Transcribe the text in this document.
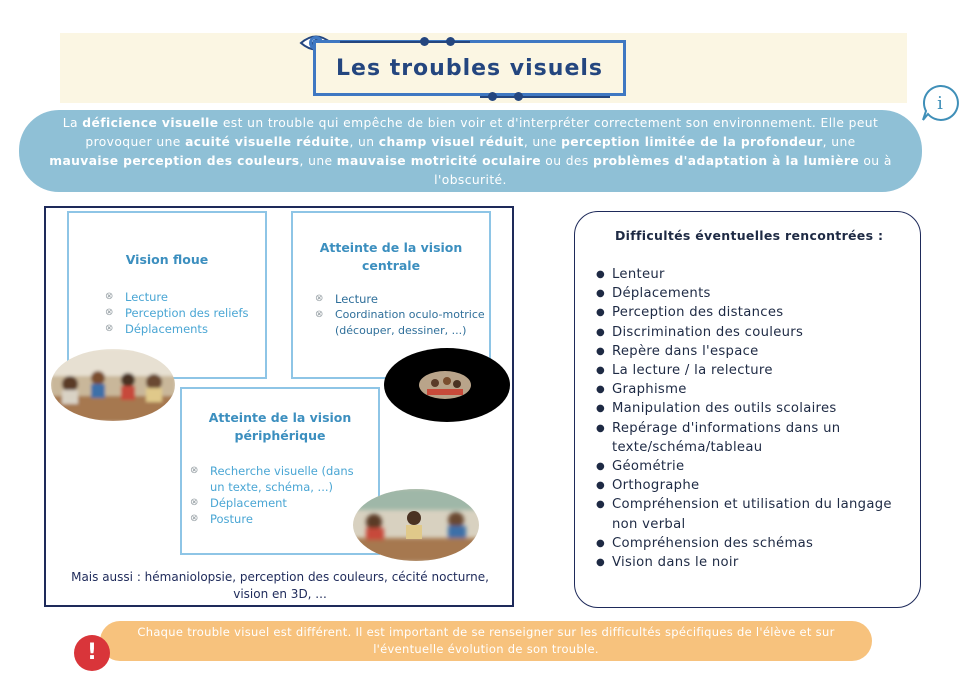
Les troubles visuels
i
La déficience visuelle est un trouble qui empêche de bien voir et d'interpréter correctement son environnement. Elle peut provoquer une acuité visuelle réduite, un champ visuel réduit, une perception limitée de la profondeur, une mauvaise perception des couleurs, une mauvaise motricité oculaire ou des problèmes d'adaptation à la lumière ou à l'obscurité.
Vision floue
⊗	Lecture
⊗	Perception des reliefs
⊗	Déplacements
Atteinte de la vision centrale
⊗	Lecture
⊗	Coordination oculo-motrice (découper, dessiner, ...)
Atteinte de la vision périphérique
⊗	Recherche visuelle (dans un texte, schéma, ...)
⊗	Déplacement
⊗	Posture
Mais aussi : hémaniolopsie, perception des couleurs, cécité nocturne, vision en 3D, ...
Difficultés éventuelles rencontrées :
● Lenteur
● Déplacements
● Perception des distances
● Discrimination des couleurs
● Repère dans l'espace
● La lecture / la relecture
● Graphisme
● Manipulation des outils scolaires
● Repérage d'informations dans un texte/schéma/tableau
● Géométrie
● Orthographe
● Compréhension et utilisation du langage non verbal
● Compréhension des schémas
● Vision dans le noir
Chaque trouble visuel est différent. Il est important de se renseigner sur les difficultés spécifiques de l'élève et sur l'éventuelle évolution de son trouble.
!
